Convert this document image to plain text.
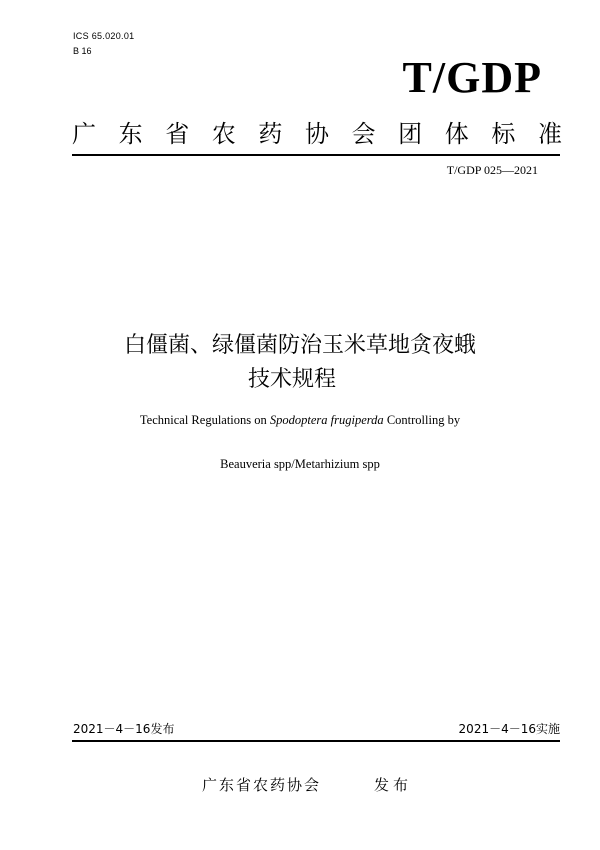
ICS 65.020.01
B 16
T/GDP
广 东 省 农 药 协 会 团 体 标 准
T/GDP 025—2021
白僵菌、绿僵菌防治玉米草地贪夜蛾
技术规程
Technical Regulations on Spodoptera frugiperda Controlling by
Beauveria spp/Metarhizium spp
2021－4－16发布	2021－4－16实施
广东省农药协会	发布
